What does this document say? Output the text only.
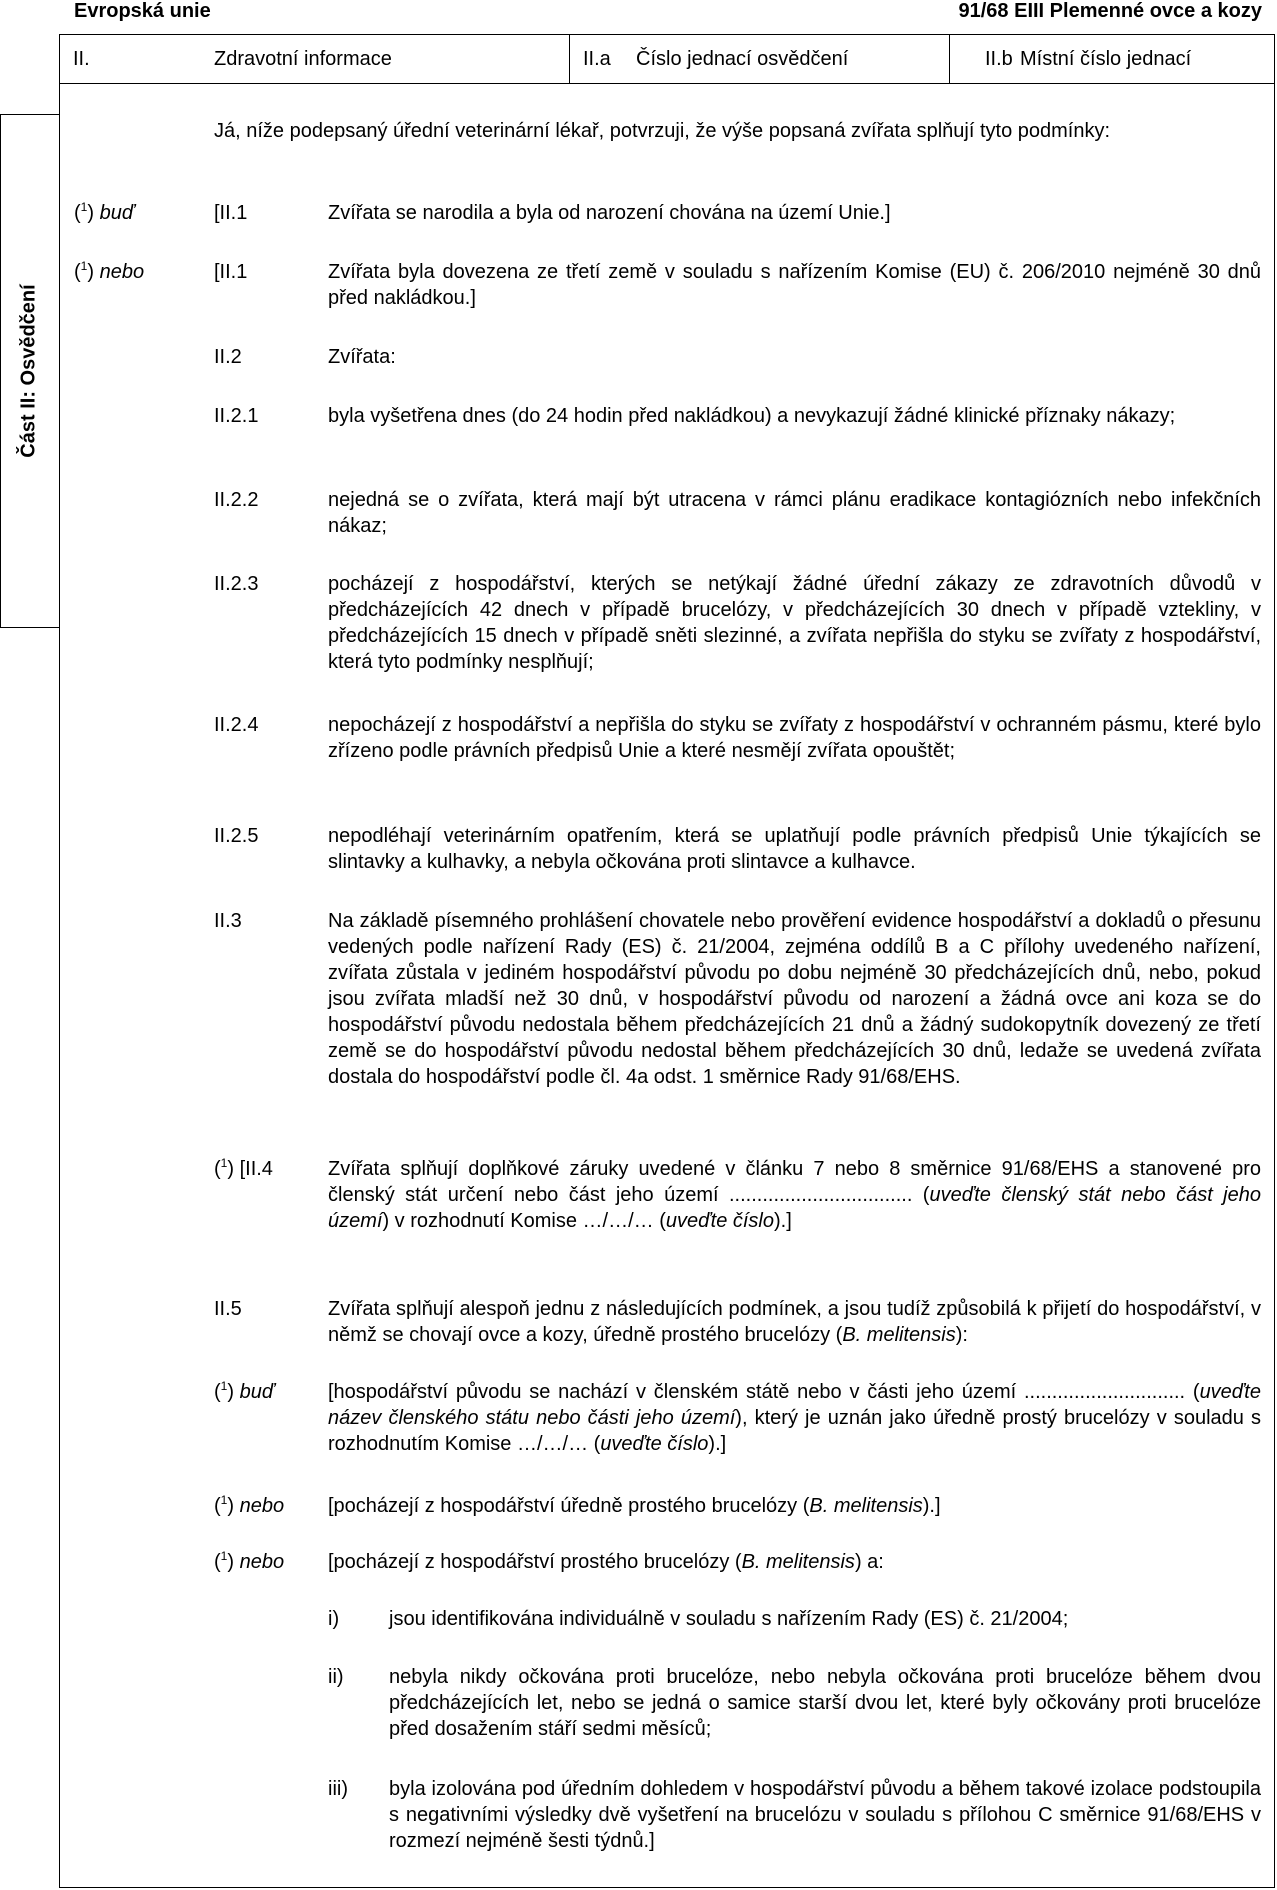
Evropská unie	91/68 EIII Plemenné ovce a kozy
II.	Zdravotní informace	II.a Číslo jednací osvědčení	II.b Místní číslo jednací
Část II: Osvědčení
Já, níže podepsaný úřední veterinární lékař, potvrzuji, že výše popsaná zvířata splňují tyto podmínky:
($^1$) buď	[II.1	Zvířata se narodila a byla od narození chována na území Unie.]
($^1$) nebo	[II.1	Zvířata byla dovezena ze třetí země v souladu s nařízením Komise (EU) č. 206/2010 nejméně 30 dnů před nakládkou.]
II.2	Zvířata:
II.2.1	byla vyšetřena dnes (do 24 hodin před nakládkou) a nevykazují žádné klinické příznaky nákazy;
II.2.2	nejedná se o zvířata, která mají být utracena v rámci plánu eradikace kontagiózních nebo infekčních nákaz;
II.2.3	pocházejí z hospodářství, kterých se netýkají žádné úřední zákazy ze zdravotních důvodů v předcházejících 42 dnech v případě brucelózy, v předcházejících 30 dnech v případě vztekliny, v předcházejících 15 dnech v případě sněti slezinné, a zvířata nepřišla do styku se zvířaty z hospodářství, která tyto podmínky nesplňují;
II.2.4	nepocházejí z hospodářství a nepřišla do styku se zvířaty z hospodářství v ochranném pásmu, které bylo zřízeno podle právních předpisů Unie a které nesmějí zvířata opouštět;
II.2.5	nepodléhají veterinárním opatřením, která se uplatňují podle právních předpisů Unie týkajících se slintavky a kulhavky, a nebyla očkována proti slintavce a kulhavce.
II.3	Na základě písemného prohlášení chovatele nebo prověření evidence hospodářství a dokladů o přesunu vedených podle nařízení Rady (ES) č. 21/2004, zejména oddílů B a C přílohy uvedeného nařízení, zvířata zůstala v jediném hospodářství původu po dobu nejméně 30 předcházejících dnů, nebo, pokud jsou zvířata mladší než 30 dnů, v hospodářství původu od narození a žádná ovce ani koza se do hospodářství původu nedostala během předcházejících 21 dnů a žádný sudokopytník dovezený ze třetí země se do hospodářství původu nedostal během předcházejících 30 dnů, ledaže se uvedená zvířata dostala do hospodářství podle čl. 4a odst. 1 směrnice Rady 91/68/EHS.
($^1$) [II.4	Zvířata splňují doplňkové záruky uvedené v článku 7 nebo 8 směrnice 91/68/EHS a stanovené pro členský stát určení nebo část jeho území ................................. (uveďte členský stát nebo část jeho území) v rozhodnutí Komise …/…/… (uveďte číslo).]
II.5	Zvířata splňují alespoň jednu z následujících podmínek, a jsou tudíž způsobilá k přijetí do hospodářství, v němž se chovají ovce a kozy, úředně prostého brucelózy (B. melitensis):
($^1$) buď	[hospodářství původu se nachází v členském státě nebo v části jeho území ............................. (uveďte název členského státu nebo části jeho území), který je uznán jako úředně prostý brucelózy v souladu s rozhodnutím Komise …/…/… (uveďte číslo).]
($^1$) nebo [pocházejí z hospodářství úředně prostého brucelózy (B. melitensis).]
($^1$) nebo [pocházejí z hospodářství prostého brucelózy (B. melitensis) a:
i) jsou identifikována individuálně v souladu s nařízením Rady (ES) č. 21/2004;
ii) nebyla nikdy očkována proti brucelóze, nebo nebyla očkována proti brucelóze během dvou předcházejících let, nebo se jedná o samice starší dvou let, které byly očkovány proti brucelóze před dosažením stáří sedmi měsíců;
iii) byla izolována pod úředním dohledem v hospodářství původu a během takové izolace podstoupila s negativními výsledky dvě vyšetření na brucelózu v souladu s přílohou C směrnice 91/68/EHS v rozmezí nejméně šesti týdnů.]
